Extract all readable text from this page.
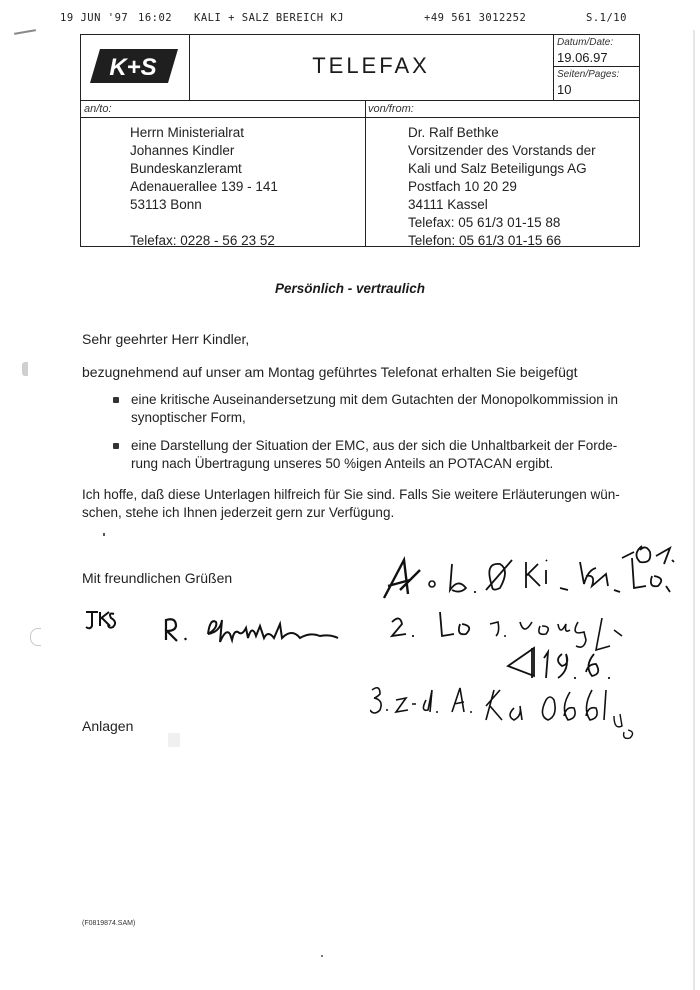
19 JUN '97 16:02 KALI + SALZ BEREICH KJ	+49 561 3012252	S.1/10
K+S	TELEFAX
Datum/Date:
19.06.97
Seiten/Pages:
10
an/to:
Herrn Ministerialrat
Johannes Kindler
Bundeskanzleramt
Adenauerallee 139 - 141
53113 Bonn
Telefax: 0228 - 56 23 52
von/from:
Dr. Ralf Bethke
Vorsitzender des Vorstands der
Kali und Salz Beteiligungs AG
Postfach 10 20 29
34111 Kassel
Telefax: 05 61/3 01-15 88
Telefon: 05 61/3 01-15 66
Persönlich - vertraulich
Sehr geehrter Herr Kindler,
bezugnehmend auf unser am Montag geführtes Telefonat erhalten Sie beigefügt
eine kritische Auseinandersetzung mit dem Gutachten der Monopolkommission in
synoptischer Form,
eine Darstellung der Situation der EMC, aus der sich die Unhaltbarkeit der Forde-
rung nach Übertragung unseres 50 %igen Anteils an POTACAN ergibt.
Ich hoffe, daß diese Unterlagen hilfreich für Sie sind. Falls Sie weitere Erläuterungen wün-
schen, stehe ich Ihnen jederzeit gern zur Verfügung.
Mit freundlichen Grüßen
Anlagen
(F0819874.SAM)
